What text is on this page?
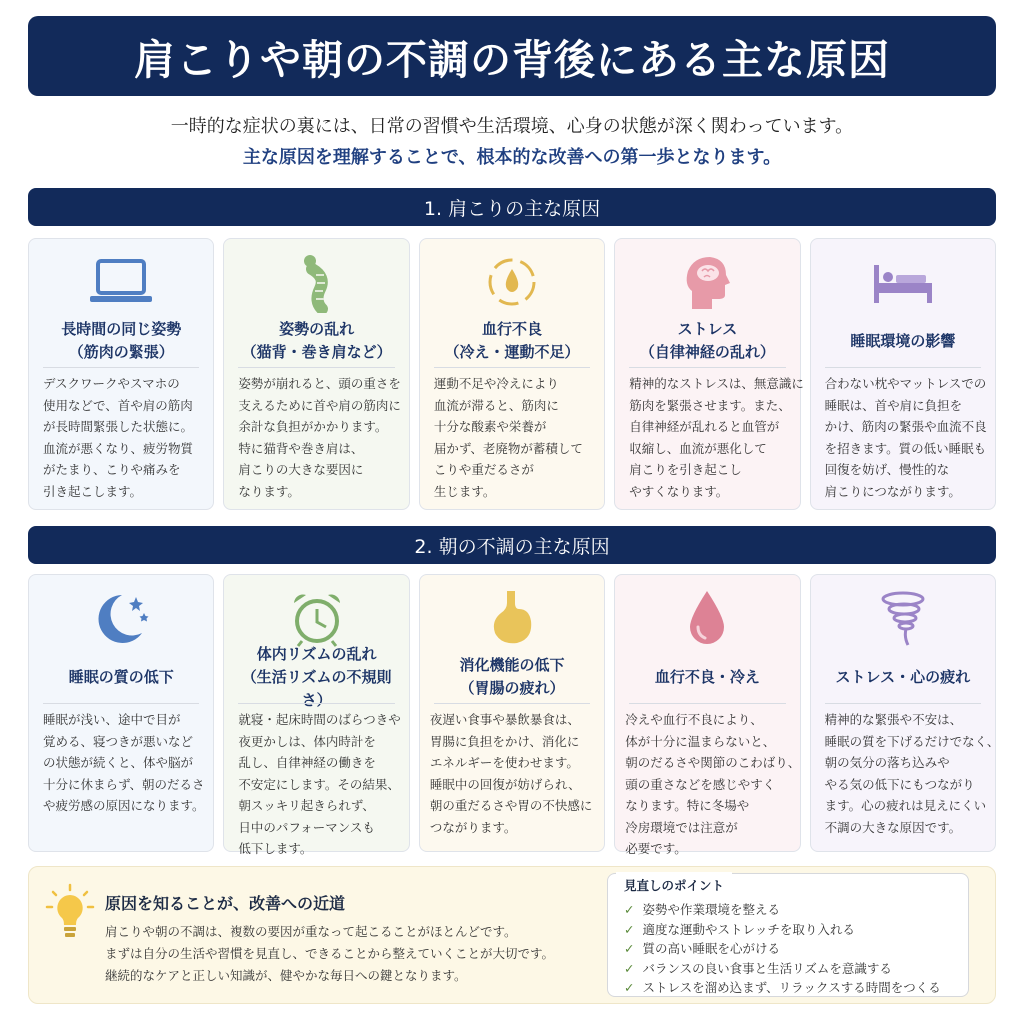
肩こりや朝の不調の背後にある主な原因
一時的な症状の裏には、日常の習慣や生活環境、心身の状態が深く関わっています。
主な原因を理解することで、根本的な改善への第一歩となります。
1. 肩こりの主な原因
長時間の同じ姿勢
（筋肉の緊張）
デスクワークやスマホの
使用などで、首や肩の筋肉
が長時間緊張した状態に。
血流が悪くなり、疲労物質
がたまり、こりや痛みを
引き起こします。
姿勢の乱れ
（猫背・巻き肩など）
姿勢が崩れると、頭の重さを
支えるために首や肩の筋肉に
余計な負担がかかります。
特に猫背や巻き肩は、
肩こりの大きな要因に
なります。
血行不良
（冷え・運動不足）
運動不足や冷えにより
血流が滞ると、筋肉に
十分な酸素や栄養が
届かず、老廃物が蓄積して
こりや重だるさが
生じます。
ストレス
（自律神経の乱れ）
精神的なストレスは、無意識に
筋肉を緊張させます。また、
自律神経が乱れると血管が
収縮し、血流が悪化して
肩こりを引き起こし
やすくなります。
睡眠環境の影響
合わない枕やマットレスでの
睡眠は、首や肩に負担を
かけ、筋肉の緊張や血流不良
を招きます。質の低い睡眠も
回復を妨げ、慢性的な
肩こりにつながります。
2. 朝の不調の主な原因
睡眠の質の低下
睡眠が浅い、途中で目が
覚める、寝つきが悪いなど
の状態が続くと、体や脳が
十分に休まらず、朝のだるさ
や疲労感の原因になります。
体内リズムの乱れ
（生活リズムの不規則さ）
就寝・起床時間のばらつきや
夜更かしは、体内時計を
乱し、自律神経の働きを
不安定にします。その結果、
朝スッキリ起きられず、
日中のパフォーマンスも
低下します。
消化機能の低下
（胃腸の疲れ）
夜遅い食事や暴飲暴食は、
胃腸に負担をかけ、消化に
エネルギーを使わせます。
睡眠中の回復が妨げられ、
朝の重だるさや胃の不快感に
つながります。
血行不良・冷え
冷えや血行不良により、
体が十分に温まらないと、
朝のだるさや関節のこわばり、
頭の重さなどを感じやすく
なります。特に冬場や
冷房環境では注意が
必要です。
ストレス・心の疲れ
精神的な緊張や不安は、
睡眠の質を下げるだけでなく、
朝の気分の落ち込みや
やる気の低下にもつながり
ます。心の疲れは見えにくい
不調の大きな原因です。
原因を知ることが、改善への近道
肩こりや朝の不調は、複数の要因が重なって起こることがほとんどです。
まずは自分の生活や習慣を見直し、できることから整えていくことが大切です。
継続的なケアと正しい知識が、健やかな毎日への鍵となります。
見直しのポイント
✓ 姿勢や作業環境を整える
✓ 適度な運動やストレッチを取り入れる
✓ 質の高い睡眠を心がける
✓ バランスの良い食事と生活リズムを意識する
✓ ストレスを溜め込まず、リラックスする時間をつくる
